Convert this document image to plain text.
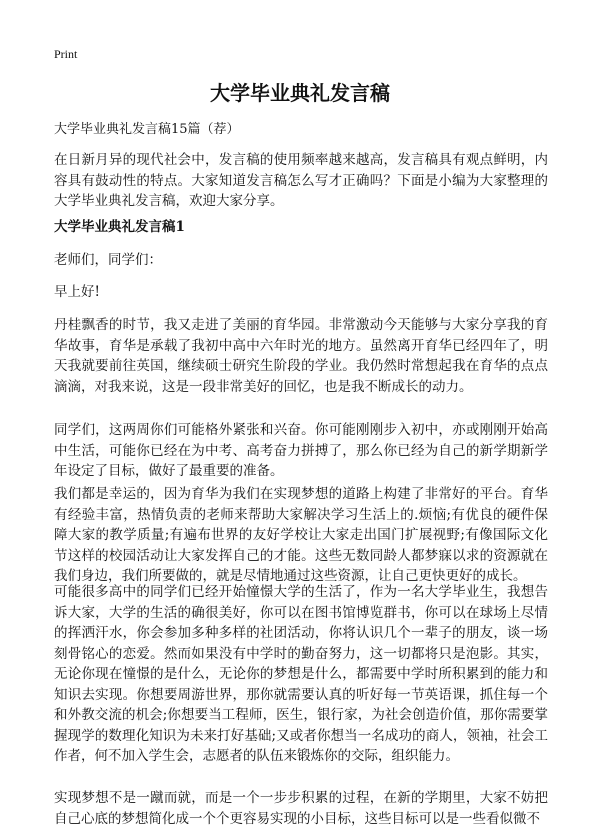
Print
大学毕业典礼发言稿
大学毕业典礼发言稿15篇（荐）

在日新月异的现代社会中，发言稿的使用频率越来越高，发言稿具有观点鲜明，内容具有鼓动性的特点。大家知道发言稿怎么写才正确吗？下面是小编为大家整理的大学毕业典礼发言稿，欢迎大家分享。

大学毕业典礼发言稿1

老师们，同学们：

早上好!

丹桂飘香的时节，我又走进了美丽的育华园。非常激动今天能够与大家分享我的育华故事，育华是承载了我初中高中六年时光的地方。虽然离开育华已经四年了，明天我就要前往英国，继续硕士研究生阶段的学业。我仍然时常想起我在育华的点点滴滴，对我来说，这是一段非常美好的回忆，也是我不断成长的动力。

同学们，这两周你们可能格外紧张和兴奋。你可能刚刚步入初中，亦或刚刚开始高中生活，可能你已经在为中考、高考奋力拼搏了，那么你已经为自己的新学期新学年设定了目标，做好了最重要的准备。

我们都是幸运的，因为育华为我们在实现梦想的道路上构建了非常好的平台。育华有经验丰富，热情负责的老师来帮助大家解决学习生活上的.烦恼;有优良的硬件保障大家的教学质量;有遍布世界的友好学校让大家走出国门扩展视野;有像国际文化节这样的校园活动让大家发挥自己的才能。这些无数同龄人都梦寐以求的资源就在我们身边，我们所要做的，就是尽情地通过这些资源，让自己更快更好的成长。

可能很多高中的同学们已经开始憧憬大学的生活了，作为一名大学毕业生，我想告诉大家，大学的生活的确很美好，你可以在图书馆博览群书，你可以在球场上尽情的挥洒汗水，你会参加多种多样的社团活动，你将认识几个一辈子的朋友，谈一场刻骨铭心的恋爱。然而如果没有中学时的勤奋努力，这一切都将只是泡影。其实，无论你现在憧憬的是什么，无论你的梦想是什么，都需要中学时所积累到的能力和知识去实现。你想要周游世界，那你就需要认真的听好每一节英语课，抓住每一个和外教交流的机会;你想要当工程师，医生，银行家，为社会创造价值，那你需要掌握现学的数理化知识为未来打好基础;又或者你想当一名成功的商人，领袖，社会工作者，何不加入学生会，志愿者的队伍来锻炼你的交际，组织能力。

实现梦想不是一蹴而就，而是一个一步步积累的过程，在新的学期里，大家不妨把自己心底的梦想简化成一个个更容易实现的小目标，这些目标可以是一些看似微不
